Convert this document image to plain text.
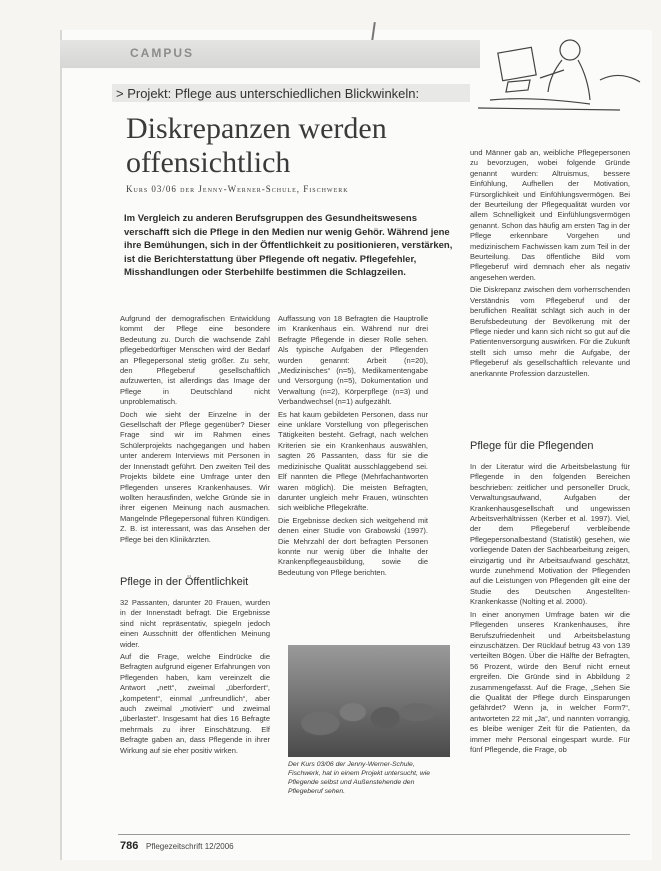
CAMPUS
> Projekt: Pflege aus unterschiedlichen Blickwinkeln:
Diskrepanzen werden
offensichtlich
Kurs 03/06 der Jenny-Werner-Schule, Fischwerk
Im Vergleich zu anderen Berufsgruppen des Gesundheitswesens verschafft sich die Pflege in den Medien nur wenig Gehör. Während jene ihre Bemühungen, sich in der Öffentlichkeit zu positionieren, verstärken, ist die Berichterstattung über Pflegende oft negativ. Pflegefehler, Misshandlungen oder Sterbehilfe bestimmen die Schlagzeilen.

Aufgrund der demografischen Entwicklung kommt der Pflege eine besondere Bedeutung zu. Durch die wachsende Zahl pflegebedürftiger Menschen wird der Bedarf an Pflegepersonal stetig größer. Zu sehr, den Pflegeberuf gesellschaftlich aufzuwerten, ist allerdings das Image der Pflege in Deutschland nicht unproblematisch.

Doch wie sieht der Einzelne in der Gesellschaft der Pflege gegenüber? Dieser Frage sind wir im Rahmen eines Schülerprojekts nachgegangen und haben unter anderem Interviews mit Personen in der Innenstadt geführt. Den zweiten Teil des Projekts bildete eine Umfrage unter den Pflegenden unseres Krankenhauses. Wir wollten herausfinden, welche Gründe sie in ihrer eigenen Meinung nach ausmachen. Mangelnde Pflegepersonal führen Kündigen. Z. B. ist interessant, was das Ansehen der Pflege bei den Klinikärzten.

Pflege in der Öffentlichkeit

32 Passanten, darunter 20 Frauen, wurden in der Innenstadt befragt. Die Ergebnisse sind nicht repräsentativ, spiegeln jedoch einen Ausschnitt der öffentlichen Meinung wider.

Auf die Frage, welche Eindrücke die Befragten aufgrund eigener Erfahrungen von Pflegenden haben, kam vereinzelt die Antwort „nett“, zweimal „überfordert“, „kompetent“, einmal „unfreundlich“, aber auch zweimal „motiviert“ und zweimal „überlastet“. Insgesamt hat dies 16 Befragte mehrmals zu ihrer Einschätzung. Elf Befragte gaben an, dass Pflegende in ihrer Wirkung auf sie eher positiv wirken.

Auffassung von 18 Befragten die Hauptrolle im Krankenhaus ein. Während nur drei Befragte Pflegende in dieser Rolle sehen. Als typische Aufgaben der Pflegenden wurden genannt: Arbeit (n=20), „Medizinisches“ (n=5), Medikamentengabe und Versorgung (n=5), Dokumentation und Verwaltung (n=2), Körperpflege (n=3) und Verbandwechsel (n=1) aufgezählt.

Es hat kaum gebildeten Personen, dass nur eine unklare Vorstellung von pflegerischen Tätigkeiten besteht. Gefragt, nach welchen Kriterien sie ein Krankenhaus auswählen, sagten 26 Passanten, dass für sie die medizinische Qualität ausschlaggebend sei. Elf nannten die Pflege (Mehrfachantworten waren möglich). Die meisten Befragten, darunter ungleich mehr Frauen, wünschten sich weibliche Pflegekräfte.

Die Ergebnisse decken sich weitgehend mit denen einer Studie von Grabowski (1997). Die Mehrzahl der dort befragten Personen konnte nur wenig über die Inhalte der Krankenpflegeausbildung, sowie die Bedeutung von Pflege berichten.

Der Kurs 03/06 der Jenny-Werner-Schule, Fischwerk, hat in einem Projekt untersucht, wie Pflegende selbst und Außenstehende den Pflegeberuf sehen.

und Männer gab an, weibliche Pflegepersonen zu bevorzugen, wobei folgende Gründe genannt wurden: Altruismus, bessere Einfühlung, Aufhellen der Motivation, Fürsorglichkeit und Einfühlungsvermögen. Bei der Beurteilung der Pflegequalität wurden vor allem Schnelligkeit und Einfühlungsvermögen genannt. Schon das häufig am ersten Tag in der Pflege erkennbare Vorgehen und medizinischem Fachwissen kam zum Teil in der Beurteilung. Das öffentliche Bild vom Pflegeberuf wird demnach eher als negativ angesehen werden.

Die Diskrepanz zwischen dem vorherrschenden Verständnis vom Pflegeberuf und der beruflichen Realität schlägt sich auch in der Berufsbedeutung der Bevölkerung mit der Pflege nieder und kann sich nicht so gut auf die Patientenversorgung auswirken. Für die Zukunft stellt sich umso mehr die Aufgabe, der Pflegeberuf als gesellschaftlich relevante und anerkannte Profession darzustellen.

Pflege für die Pflegenden

In der Literatur wird die Arbeitsbelastung für Pflegende in den folgenden Bereichen beschrieben: zeitlicher und personeller Druck, Verwaltungsaufwand, Aufgaben der Krankenhausgesellschaft und ungewissen Arbeitsverhältnissen (Kerber et al. 1997). Viel, der dem Pflegeberuf verbleibende Pflegepersonalbestand (Statistik) gesehen, wie vorliegende Daten der Sachbearbeitung zeigen, einzigartig und ihr Arbeitsaufwand geschätzt, wurde zunehmend Motivation der Pflegenden auf die Leistungen von Pflegenden gilt eine der Studie des Deutschen Angestellten-Krankenkasse (Nolting et al. 2000).

In einer anonymen Umfrage baten wir die Pflegenden unseres Krankenhauses, ihre Berufszufriedenheit und Arbeitsbelastung einzuschätzen. Der Rücklauf betrug 43 von 139 verteilten Bögen. Über die Hälfte der Befragten, 56 Prozent, würde den Beruf nicht erneut ergreifen. Die Gründe sind in Abbildung 2 zusammengefasst. Auf die Frage, „Sehen Sie die Qualität der Pflege durch Einsparungen gefährdet? Wenn ja, in welcher Form?“, antworteten 22 mit „Ja“, und nannten vorrangig, es bleibe weniger Zeit für die Patienten, da immer mehr Personal eingespart wurde. Für fünf Pflegende, die Frage, ob

786 Pflegezeitschrift 12/2006
